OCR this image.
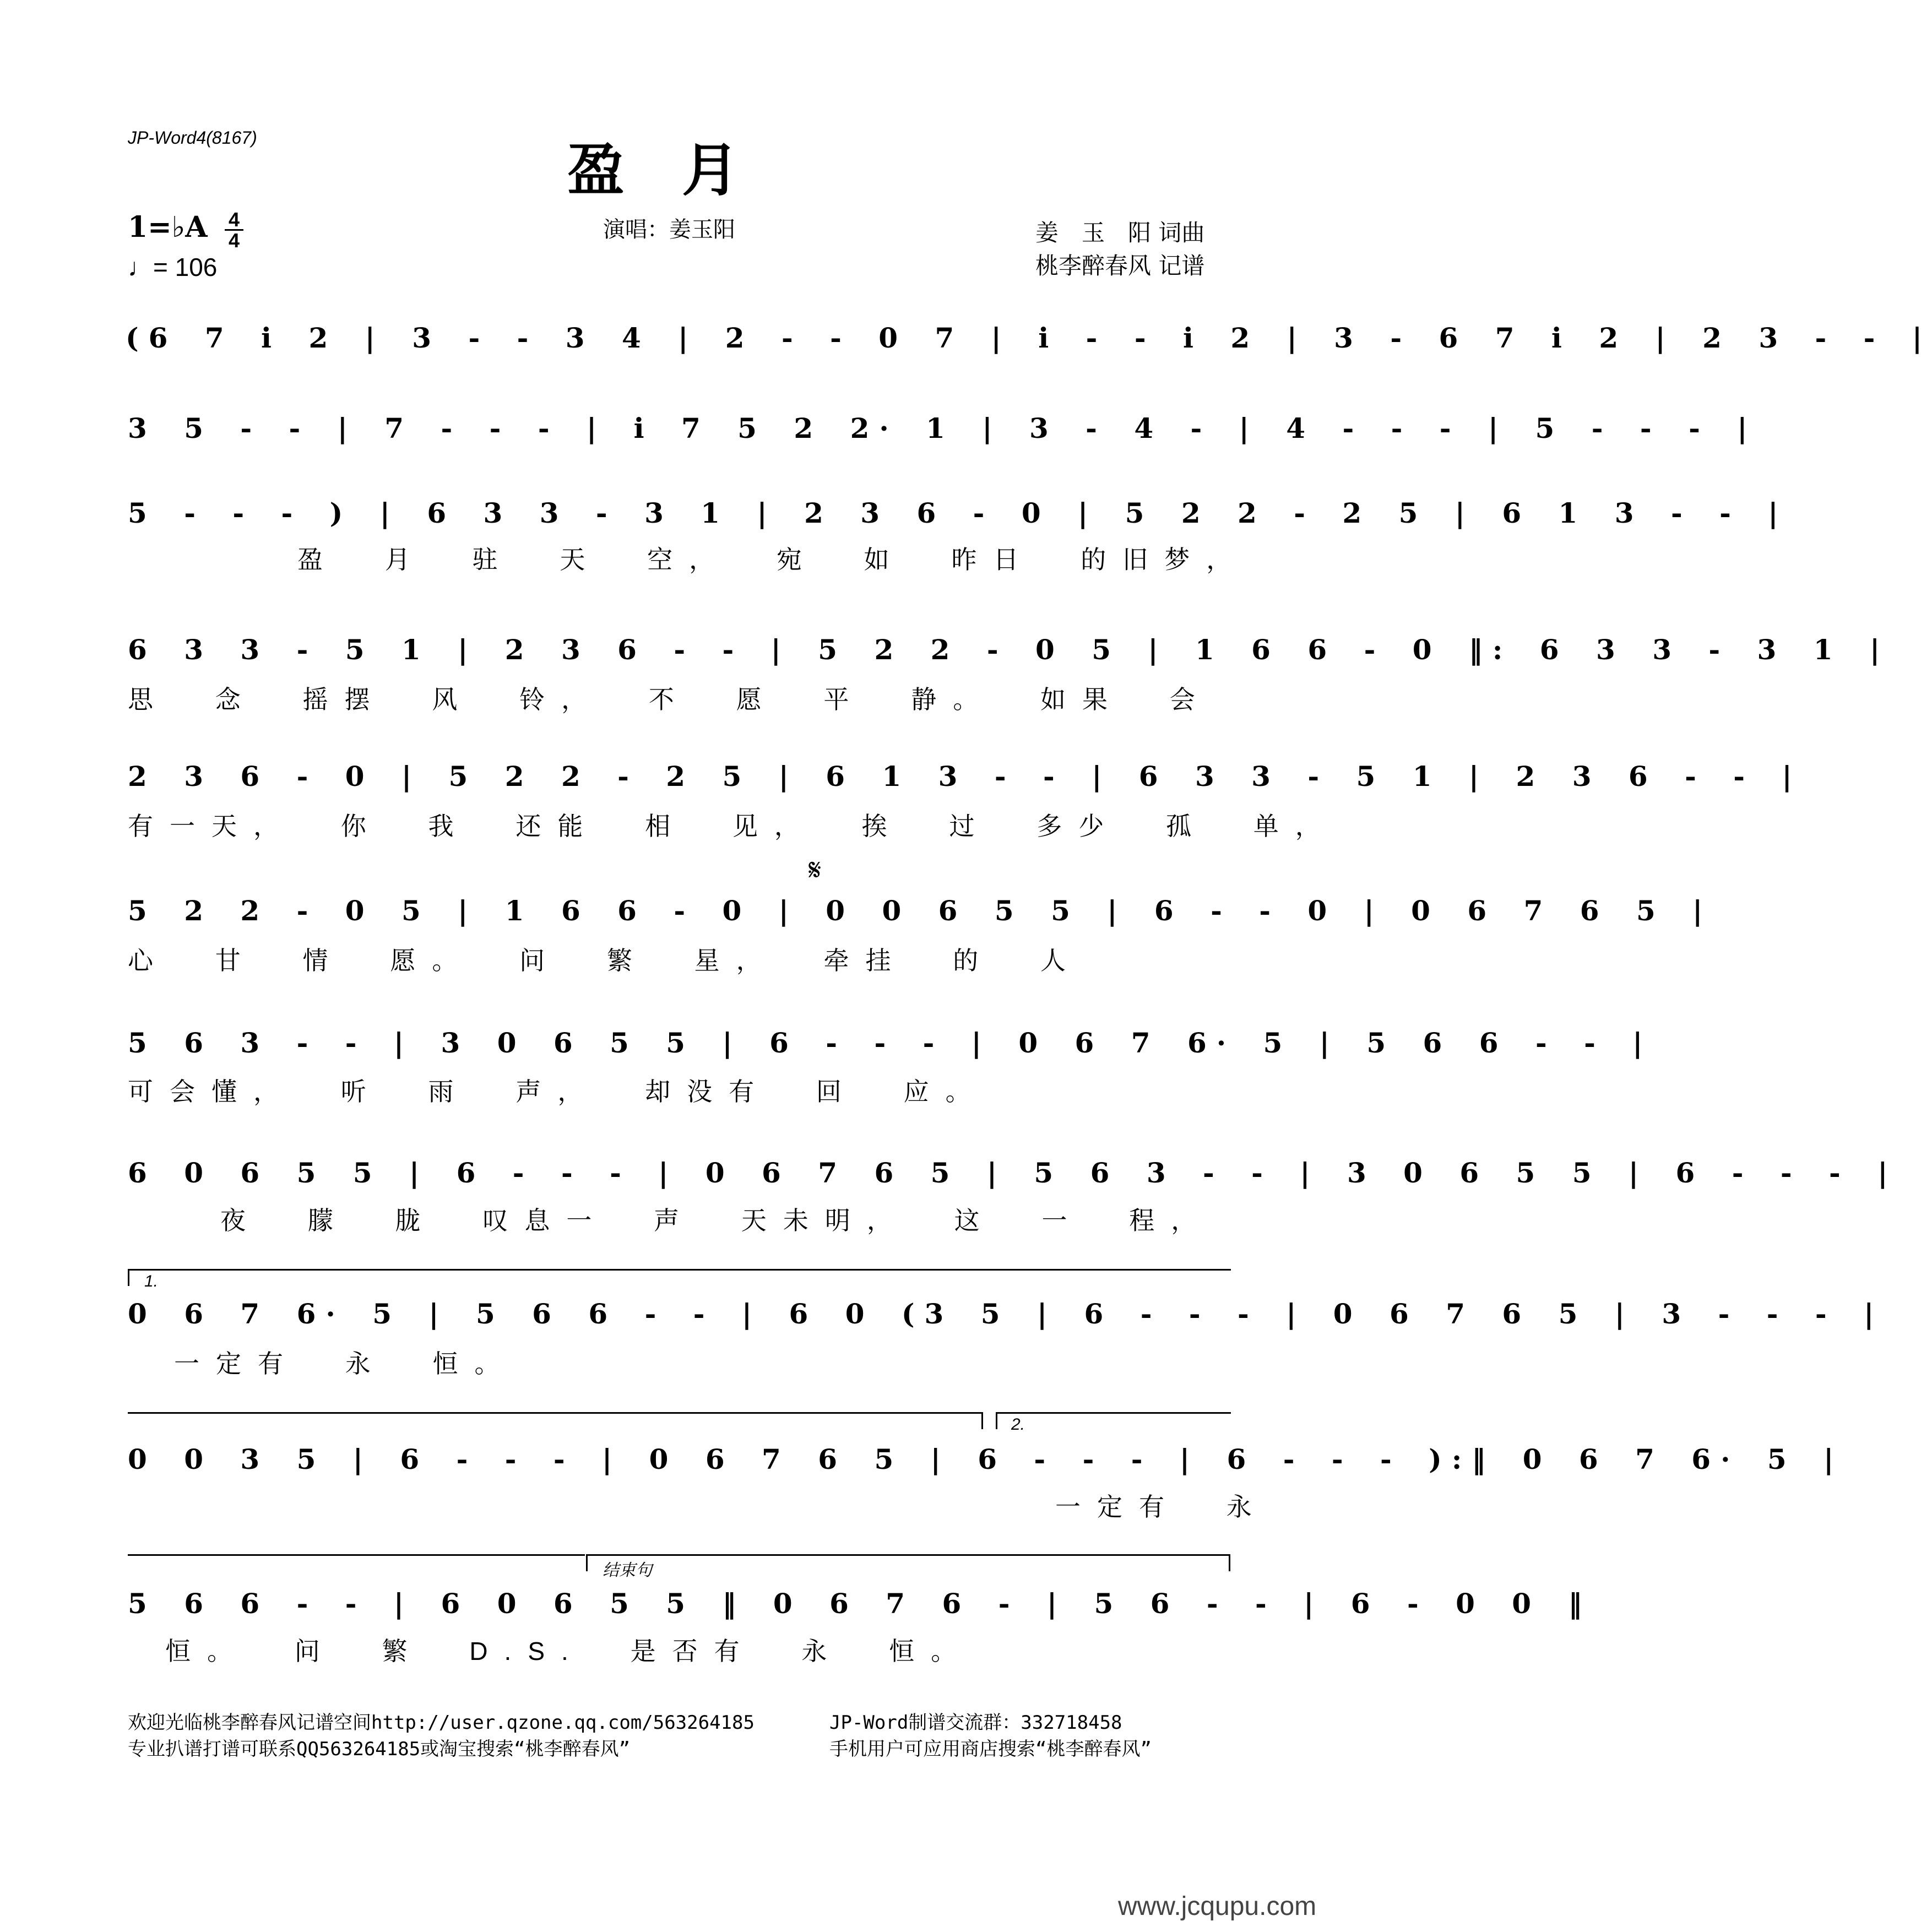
JP-Word4(8167)	盈　月
1=♭A 4
4
♩= 106
演唱：姜玉阳	姜　玉　阳 词曲
桃李醉春风 记谱
(6 7 i 2 | 3 - - 3 4 | 2 - - 0 7 | i - - i 2 | 3 - 6 7 i 2 | 2 3 - - |
3 5 - - | 7 - - - | i 7 5 2 2· 1 | 3 - 4 - | 4 - - - | 5 - - - |
5 - - - ) | 6 3 3 - 3 1 | 2 3 6 - 0 | 5 2 2 - 2 5 | 6 1 3 - - |
盈 月 驻 天 空， 宛 如 昨日 的旧梦，
6 3 3 - 5 1 | 2 3 6 - - | 5 2 2 - 0 5 | 1 6 6 - 0 ‖: 6 3 3 - 3 1 |
思 念 摇摆 风 铃， 不 愿 平 静。 如果 会
2 3 6 - 0 | 5 2 2 - 2 5 | 6 1 3 - - | 6 3 3 - 5 1 | 2 3 6 - - |
有一天， 你 我 还能 相 见， 挨 过 多少 孤 单，
𝄋
5 2 2 - 0 5 | 1 6 6 - 0 | 0 0 6 5 5 | 6 - - 0 | 0 6 7 6 5 |
心 甘 情 愿。 问 繁 星， 牵挂 的 人
5 6 3 - - | 3 0 6 5 5 | 6 - - - | 0 6 7 6· 5 | 5 6 6 - - |
可会懂， 听 雨 声， 却没有 回 应。
6 0 6 5 5 | 6 - - - | 0 6 7 6 5 | 5 6 3 - - | 3 0 6 5 5 | 6 - - - |
夜 朦 胧 叹息一 声 天未明， 这 一 程，
1.
0 6 7 6· 5 | 5 6 6 - - | 6 0 (3 5 | 6 - - - | 0 6 7 6 5 | 3 - - - |
一定有 永 恒。
2.
0 0 3 5 | 6 - - - | 0 6 7 6 5 | 6 - - - | 6 - - - ):‖ 0 6 7 6· 5 |
一定有 永
结束句
5 6 6 - - | 6 0 6 5 5 ‖ 0 6 7 6 - | 5 6 - - | 6 - 0 0 ‖
恒。 问 繁 D.S. 是否有 永 恒。
欢迎光临桃李醉春风记谱空间http://user.qzone.qq.com/563264185	JP-Word制谱交流群：332718458
专业扒谱打谱可联系QQ563264185或淘宝搜索“桃李醉春风”	手机用户可应用商店搜索“桃李醉春风”
www.jcqupu.com
